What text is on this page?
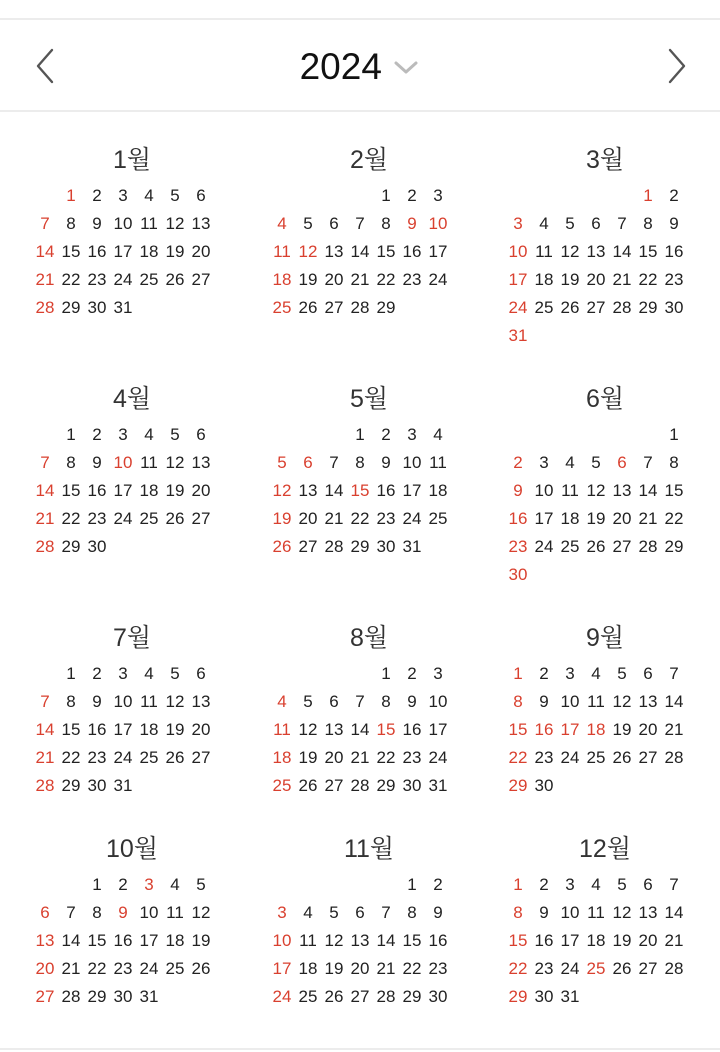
2024
1월
1 2 3 4 5 6
7 8 9 10 11 12 13
14 15 16 17 18 19 20
21 22 23 24 25 26 27
28 29 30 31
2월
1 2 3
4 5 6 7 8 9 10
11 12 13 14 15 16 17
18 19 20 21 22 23 24
25 26 27 28 29
3월
1 2
3 4 5 6 7 8 9
10 11 12 13 14 15 16
17 18 19 20 21 22 23
24 25 26 27 28 29 30
31
4월
1 2 3 4 5 6
7 8 9 10 11 12 13
14 15 16 17 18 19 20
21 22 23 24 25 26 27
28 29 30
5월
1 2 3 4
5 6 7 8 9 10 11
12 13 14 15 16 17 18
19 20 21 22 23 24 25
26 27 28 29 30 31
6월
1
2 3 4 5 6 7 8
9 10 11 12 13 14 15
16 17 18 19 20 21 22
23 24 25 26 27 28 29
30
7월
1 2 3 4 5 6
7 8 9 10 11 12 13
14 15 16 17 18 19 20
21 22 23 24 25 26 27
28 29 30 31
8월
1 2 3
4 5 6 7 8 9 10
11 12 13 14 15 16 17
18 19 20 21 22 23 24
25 26 27 28 29 30 31
9월
1 2 3 4 5 6 7
8 9 10 11 12 13 14
15 16 17 18 19 20 21
22 23 24 25 26 27 28
29 30
10월
1 2 3 4 5
6 7 8 9 10 11 12
13 14 15 16 17 18 19
20 21 22 23 24 25 26
27 28 29 30 31
11월
1 2
3 4 5 6 7 8 9
10 11 12 13 14 15 16
17 18 19 20 21 22 23
24 25 26 27 28 29 30
12월
1 2 3 4 5 6 7
8 9 10 11 12 13 14
15 16 17 18 19 20 21
22 23 24 25 26 27 28
29 30 31
